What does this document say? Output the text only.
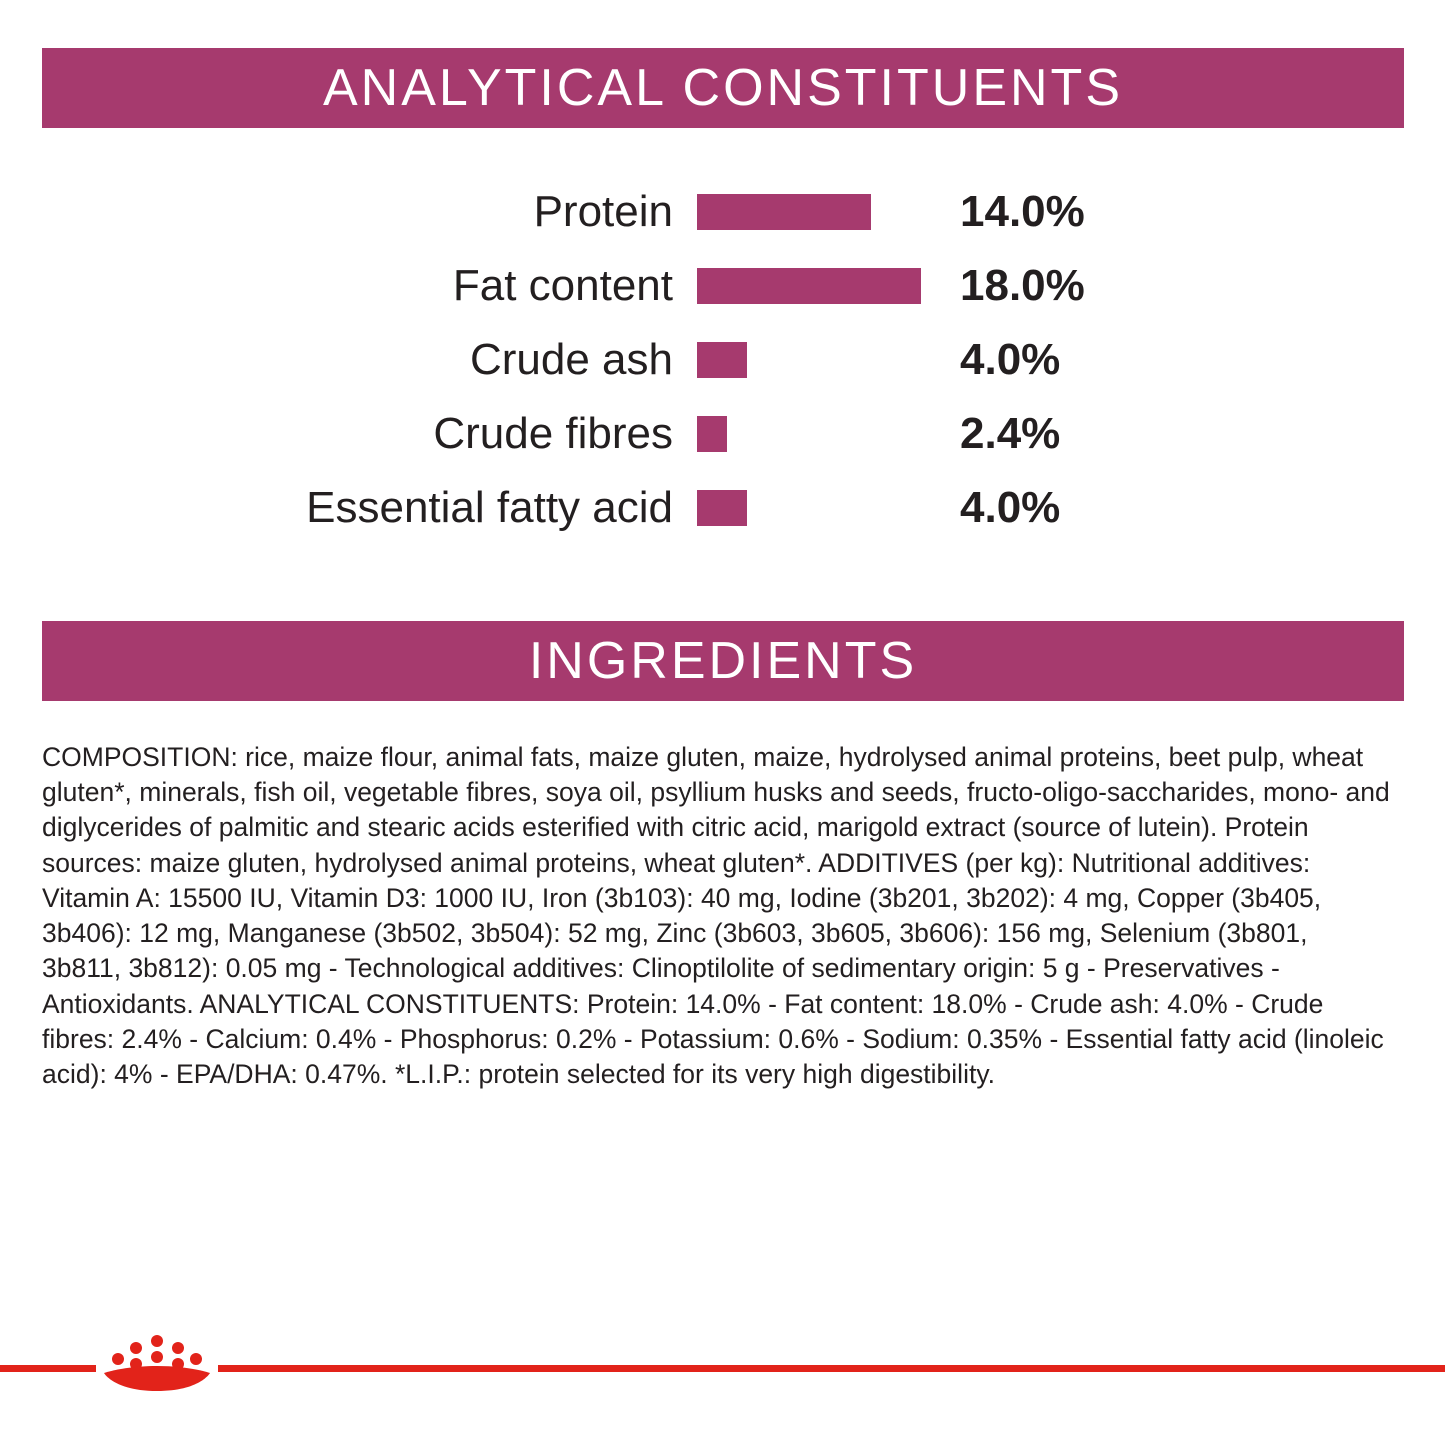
ANALYTICAL CONSTITUENTS
Protein	14.0%
Fat content	18.0%
Crude ash	4.0%
Crude fibres	2.4%
Essential fatty acid	4.0%
INGREDIENTS
COMPOSITION: rice, maize flour, animal fats, maize gluten, maize, hydrolysed animal proteins, beet pulp, wheat gluten*, minerals, fish oil, vegetable fibres, soya oil, psyllium husks and seeds, fructo-oligo-saccharides, mono- and diglycerides of palmitic and stearic acids esterified with citric acid, marigold extract (source of lutein). Protein sources: maize gluten, hydrolysed animal proteins, wheat gluten*. ADDITIVES (per kg): Nutritional additives: Vitamin A: 15500 IU, Vitamin D3: 1000 IU, Iron (3b103): 40 mg, Iodine (3b201, 3b202): 4 mg, Copper (3b405, 3b406): 12 mg, Manganese (3b502, 3b504): 52 mg, Zinc (3b603, 3b605, 3b606): 156 mg, Selenium (3b801, 3b811, 3b812): 0.05 mg - Technological additives: Clinoptilolite of sedimentary origin: 5 g - Preservatives - Antioxidants. ANALYTICAL CONSTITUENTS: Protein: 14.0% - Fat content: 18.0% - Crude ash: 4.0% - Crude fibres: 2.4% - Calcium: 0.4% - Phosphorus: 0.2% - Potassium: 0.6% - Sodium: 0.35% - Essential fatty acid (linoleic acid): 4% - EPA/DHA: 0.47%. *L.I.P.: protein selected for its very high digestibility.
